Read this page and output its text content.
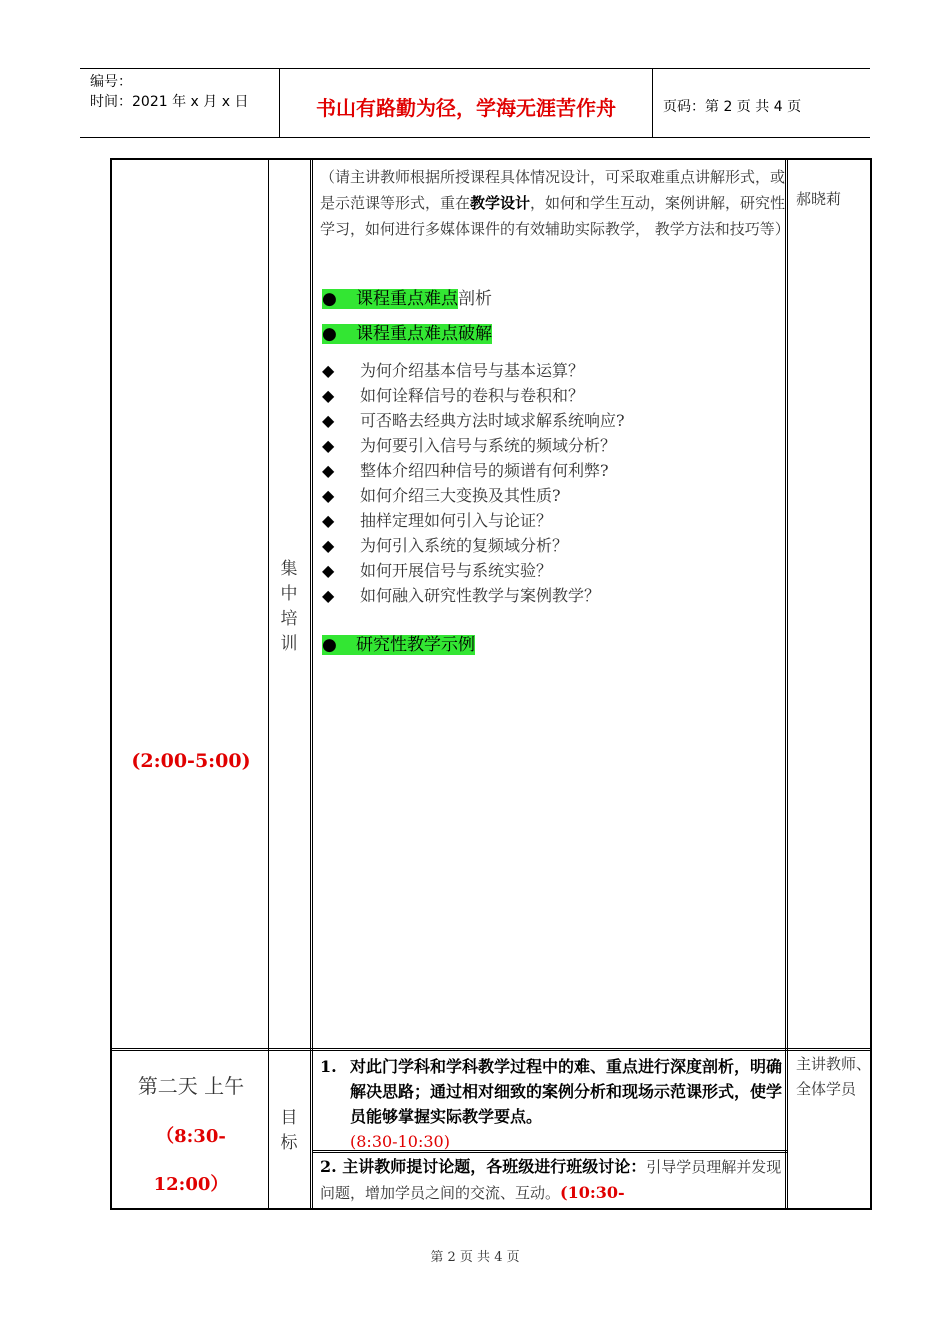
编号：
时间：2021 年 x 月 x 日	书山有路勤为径，学海无涯苦作舟	页码：第 2 页 共 4 页
(2:00-5:00)
集
中
培
训
（请主讲教师根据所授课程具体情况设计，可采取难重点讲解形式，或是示范课等形式，重在教学设计，如何和学生互动，案例讲解，研究性学习，如何进行多媒体课件的有效辅助实际教学， 教学方法和技巧等）
● 课程重点难点剖析
● 课程重点难点破解
◆ 为何介绍基本信号与基本运算？
◆ 如何诠释信号的卷积与卷积和？
◆ 可否略去经典方法时域求解系统响应?
◆ 为何要引入信号与系统的频域分析？
◆ 整体介绍四种信号的频谱有何利弊?
◆ 如何介绍三大变换及其性质?
◆ 抽样定理如何引入与论证？
◆ 为何引入系统的复频域分析？
◆ 如何开展信号与系统实验？
◆ 如何融入研究性教学与案例教学？
● 研究性教学示例
郝晓莉
第二天 上午
（8:30-
12:00）
目
标
1. 对此门学科和学科教学过程中的难、重点进行深度剖析，明确解决思路；通过相对细致的案例分析和现场示范课形式，使学员能够掌握实际教学要点。
(8:30-10:30)
2. 主讲教师提讨论题，各班级进行班级讨论：引导学员理解并发现问题，增加学员之间的交流、互动。(10:30-
主讲教师、全体学员
第 2 页 共 4 页
